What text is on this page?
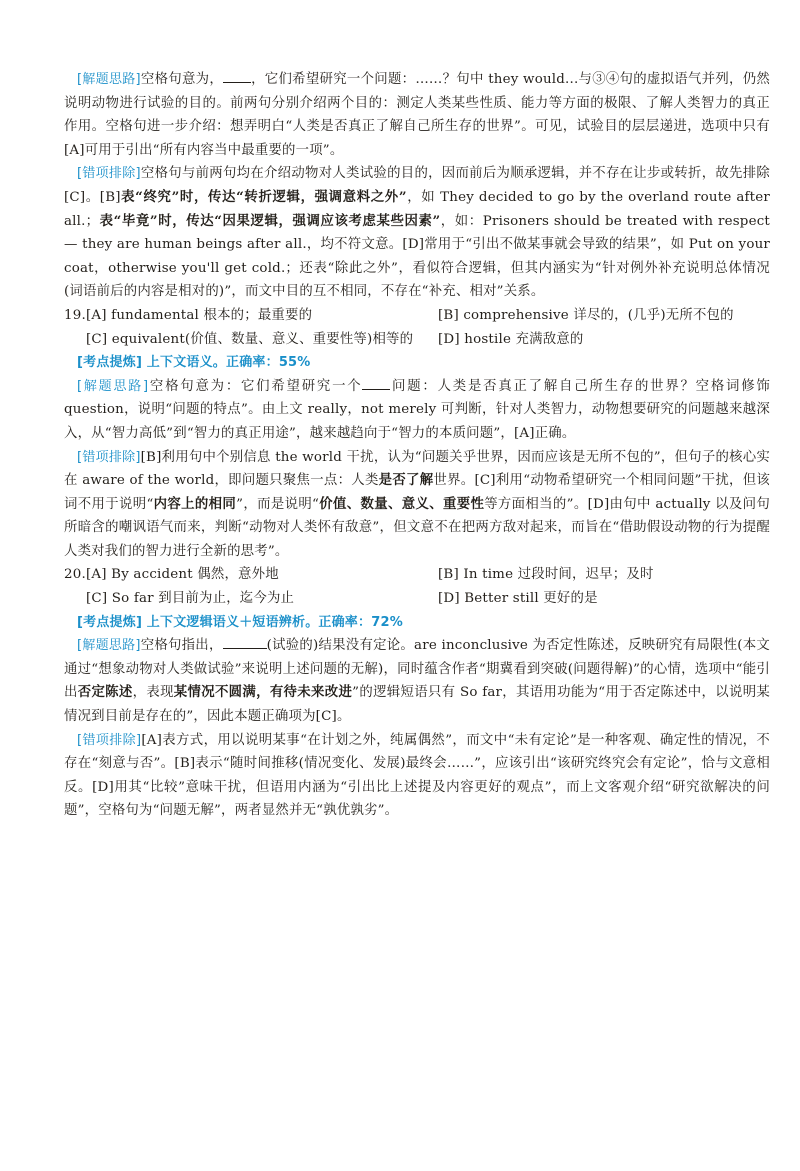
[解题思路]空格句意为， ，它们希望研究一个问题：……？句中 they would...与③④句的虚拟语气并列，仍然说明动物进行试验的目的。前两句分别介绍两个目的：测定人类某些性质、能力等方面的极限、了解人类智力的真正作用。空格句进一步介绍：想弄明白“人类是否真正了解自己所生存的世界”。可见，试验目的层层递进，选项中只有[A]可用于引出“所有内容当中最重要的一项”。

[错项排除]空格句与前两句均在介绍动物对人类试验的目的，因而前后为顺承逻辑，并不存在让步或转折，故先排除[C]。[B]表“终究”时，传达“转折逻辑，强调意料之外”，如 They decided to go by the overland route after all.；表“毕竟”时，传达“因果逻辑，强调应该考虑某些因素”，如：Prisoners should be treated with respect — they are human beings after all.，均不符文意。[D]常用于“引出不做某事就会导致的结果”，如 Put on your coat，otherwise you'll get cold.；还表“除此之外”，看似符合逻辑，但其内涵实为“针对例外补充说明总体情况(词语前后的内容是相对的)”，而文中目的互不相同，不存在“补充、相对”关系。

19. [A] fundamental 根本的；最重要的	[B] comprehensive 详尽的，(几乎)无所不包的
[C] equivalent(价值、数量、意义、重要性等)相等的	[D] hostile 充满敌意的

[考点提炼] 上下文语义。正确率：55%

[解题思路]空格句意为：它们希望研究一个 问题：人类是否真正了解自己所生存的世界？空格词修饰 question，说明“问题的特点”。由上文 really，not merely 可判断，针对人类智力，动物想要研究的问题越来越深入，从“智力高低”到“智力的真正用途”，越来越趋向于“智力的本质问题”，[A]正确。

[错项排除][B]利用句中个别信息 the world 干扰，认为“问题关乎世界，因而应该是无所不包的”，但句子的核心实在 aware of the world，即问题只聚焦一点：人类是否了解世界。[C]利用“动物希望研究一个相同问题”干扰，但该词不用于说明“内容上的相同”，而是说明“价值、数量、意义、重要性等方面相当的”。[D]由句中 actually 以及问句所暗含的嘲讽语气而来，判断“动物对人类怀有敌意”，但文意不在把两方敌对起来，而旨在“借助假设动物的行为提醒人类对我们的智力进行全新的思考”。

20. [A] By accident 偶然，意外地	[B] In time 过段时间，迟早；及时
[C] So far 到目前为止，迄今为止	[D] Better still 更好的是

[考点提炼] 上下文逻辑语义＋短语辨析。正确率：72%

[解题思路]空格句指出，	(试验的)结果没有定论。are inconclusive 为否定性陈述，反映研究有局限性(本文通过“想象动物对人类做试验”来说明上述问题的无解)，同时蕴含作者“期冀看到突破(问题得解)”的心情，选项中“能引出否定陈述，表现某情况不圆满，有待未来改进”的逻辑短语只有 So far，其语用功能为“用于否定陈述中，以说明某情况到目前是存在的”，因此本题正确项为[C]。

[错项排除][A]表方式，用以说明某事“在计划之外，纯属偶然”，而文中“未有定论”是一种客观、确定性的情况，不存在“刻意与否”。[B]表示“随时间推移(情况变化、发展)最终会……”，应该引出“该研究终究会有定论”，恰与文意相反。[D]用其“比较”意味干扰，但语用内涵为“引出比上述提及内容更好的观点”，而上文客观介绍“研究欲解决的问题”，空格句为“问题无解”，两者显然并无“孰优孰劣”。
